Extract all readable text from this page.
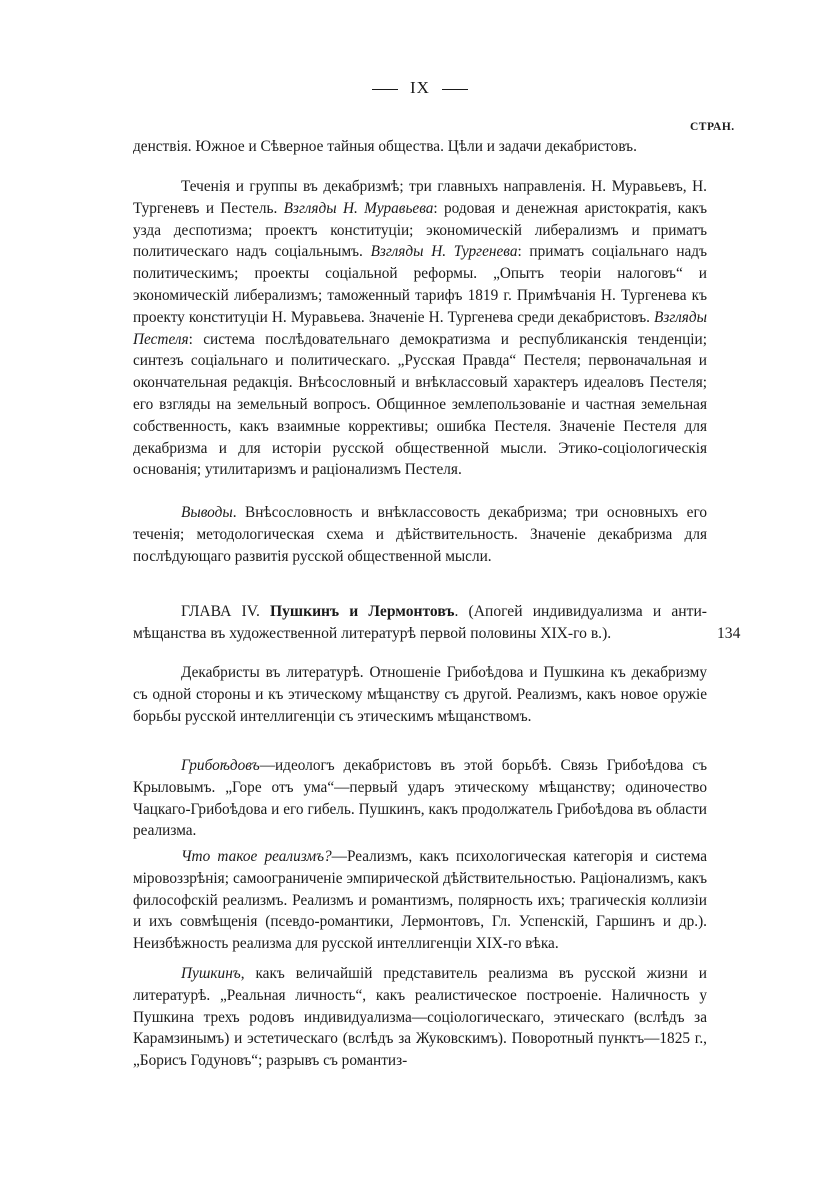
IX
СТРАН.

денствія. Южное и Сѣверное тайныя общества. Цѣли и задачи декабристовъ.

Теченія и группы въ декабризмѣ; три главныхъ направленія. Н. Муравьевъ, Н. Тургеневъ и Пестель. Взгляды Н. Муравьева: родовая и денежная аристократія, какъ узда деспотизма; проектъ конституціи; экономическій либерализмъ и приматъ политическаго надъ соціальнымъ. Взгляды Н. Тургенева: приматъ соціальнаго надъ политическимъ; проекты соціальной реформы. „Опытъ теоріи налоговъ“ и экономическій либерализмъ; таможенный тарифъ 1819 г. Примѣчанія Н. Тургенева къ проекту конституціи Н. Муравьева. Значеніе Н. Тургенева среди декабристовъ. Взгляды Пестеля: система послѣдовательнаго демократизма и республиканскія тенденціи; синтезъ соціальнаго и политическаго. „Русская Правда“ Пестеля; первоначальная и окончательная редакція. Внѣсословный и внѣклассовый характеръ идеаловъ Пестеля; его взгляды на земельный вопросъ. Общинное землепользованіе и частная земельная собственность, какъ взаимные коррективы; ошибка Пестеля. Значеніе Пестеля для декабризма и для исторіи русской общественной мысли. Этико-соціологическія основанія; утилитаризмъ и раціонализмъ Пестеля.

Выводы. Внѣсословность и внѣклассовость декабризма; три основныхъ его теченія; методологическая схема и дѣйствительность. Значеніе декабризма для послѣдующаго развитія русской общественной мысли.

ГЛАВА IV. Пушкинъ и Лермонтовъ. (Апогей индивидуализма и анти-мѣщанства въ художественной литературѣ первой половины XIX-го в.).	134

Декабристы въ литературѣ. Отношеніе Грибоѣдова и Пушкина къ декабризму съ одной стороны и къ этическому мѣщанству съ другой. Реализмъ, какъ новое оружіе борьбы русской интеллигенціи съ этическимъ мѣщанствомъ.

Грибоѣдовъ—идеологъ декабристовъ въ этой борьбѣ. Связь Грибоѣдова съ Крыловымъ. „Горе отъ ума“—первый ударъ этическому мѣщанству; одиночество Чацкаго-Грибоѣдова и его гибель. Пушкинъ, какъ продолжатель Грибоѣдова въ области реализма.

Что такое реализмъ?—Реализмъ, какъ психологическая категорія и система міровоззрѣнія; самоограниченіе эмпирической дѣйствительностью. Раціонализмъ, какъ философскій реализмъ. Реализмъ и романтизмъ, полярность ихъ; трагическія коллизіи и ихъ совмѣщенія (псевдо-романтики, Лермонтовъ, Гл. Успенскій, Гаршинъ и др.). Неизбѣжность реализма для русской интеллигенціи XIX-го вѣка.

Пушкинъ, какъ величайшій представитель реализма въ русской жизни и литературѣ. „Реальная личность“, какъ реалистическое построеніе. Наличность у Пушкина трехъ родовъ индивидуализма—соціологическаго, этическаго (вслѣдъ за Карамзинымъ) и эстетическаго (вслѣдъ за Жуковскимъ). Поворотный пунктъ—1825 г., „Борисъ Годуновъ“; разрывъ съ романтиз-
